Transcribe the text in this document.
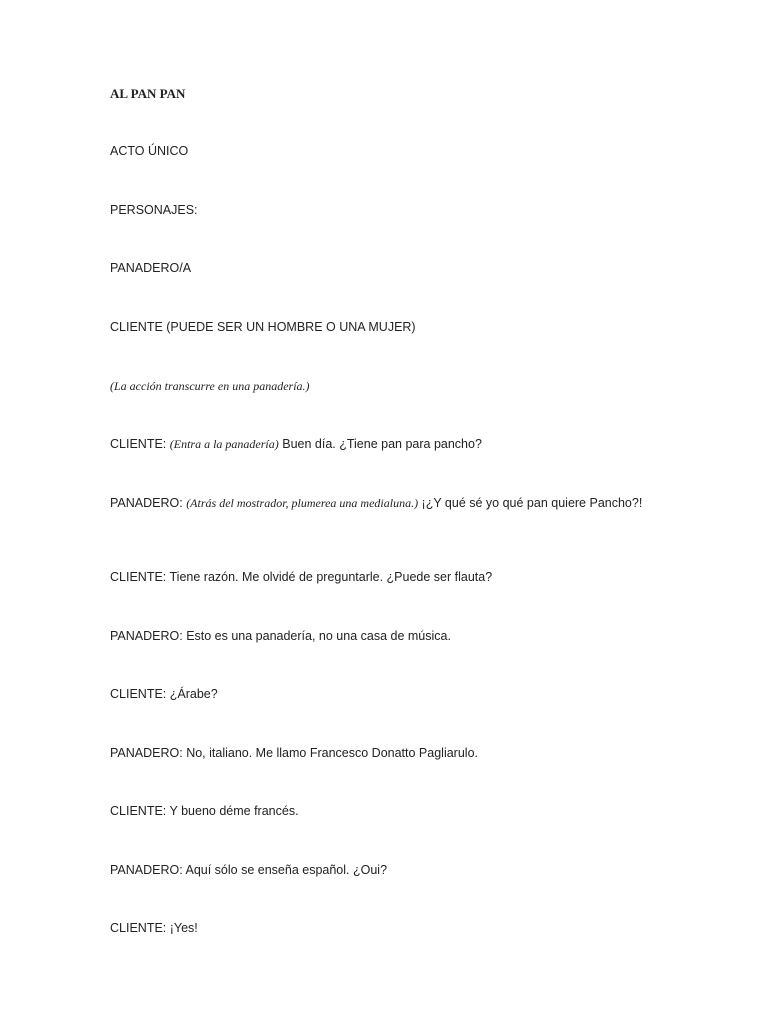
AL PAN PAN
ACTO ÚNICO
PERSONAJES:
PANADERO/A
CLIENTE (PUEDE SER UN HOMBRE O UNA MUJER)
(La acción transcurre en una panadería.)
CLIENTE: (Entra a la panadería) Buen día. ¿Tiene pan para pancho?
PANADERO: (Atrás del mostrador, plumerea una medialuna.) ¡¿Y qué sé yo qué pan quiere Pancho?!
CLIENTE: Tiene razón. Me olvidé de preguntarle. ¿Puede ser flauta?
PANADERO: Esto es una panadería, no una casa de música.
CLIENTE: ¿Árabe?
PANADERO: No, italiano. Me llamo Francesco Donatto Pagliarulo.
CLIENTE: Y bueno déme francés.
PANADERO: Aquí sólo se enseña español. ¿Oui?
CLIENTE: ¡Yes!
